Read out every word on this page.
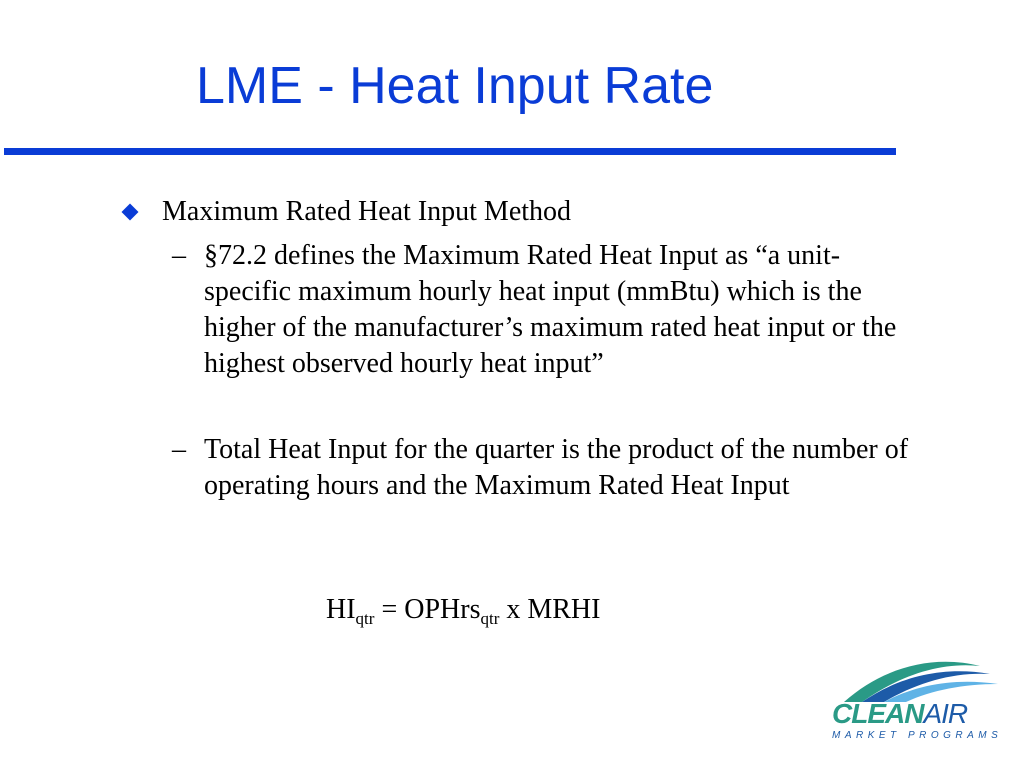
LME - Heat Input Rate
Maximum Rated Heat Input Method
– §72.2 defines the Maximum Rated Heat Input as “a unit-specific maximum hourly heat input (mmBtu) which is the higher of the manufacturer’s maximum rated heat input or the highest observed hourly heat input”
– Total Heat Input for the quarter is the product of the number of operating hours and the Maximum Rated Heat Input
$HI_{qtr}$ = OPHrs$_{qtr}$ x MRHI
CLEANAIR
MARKET PROGRAMS
